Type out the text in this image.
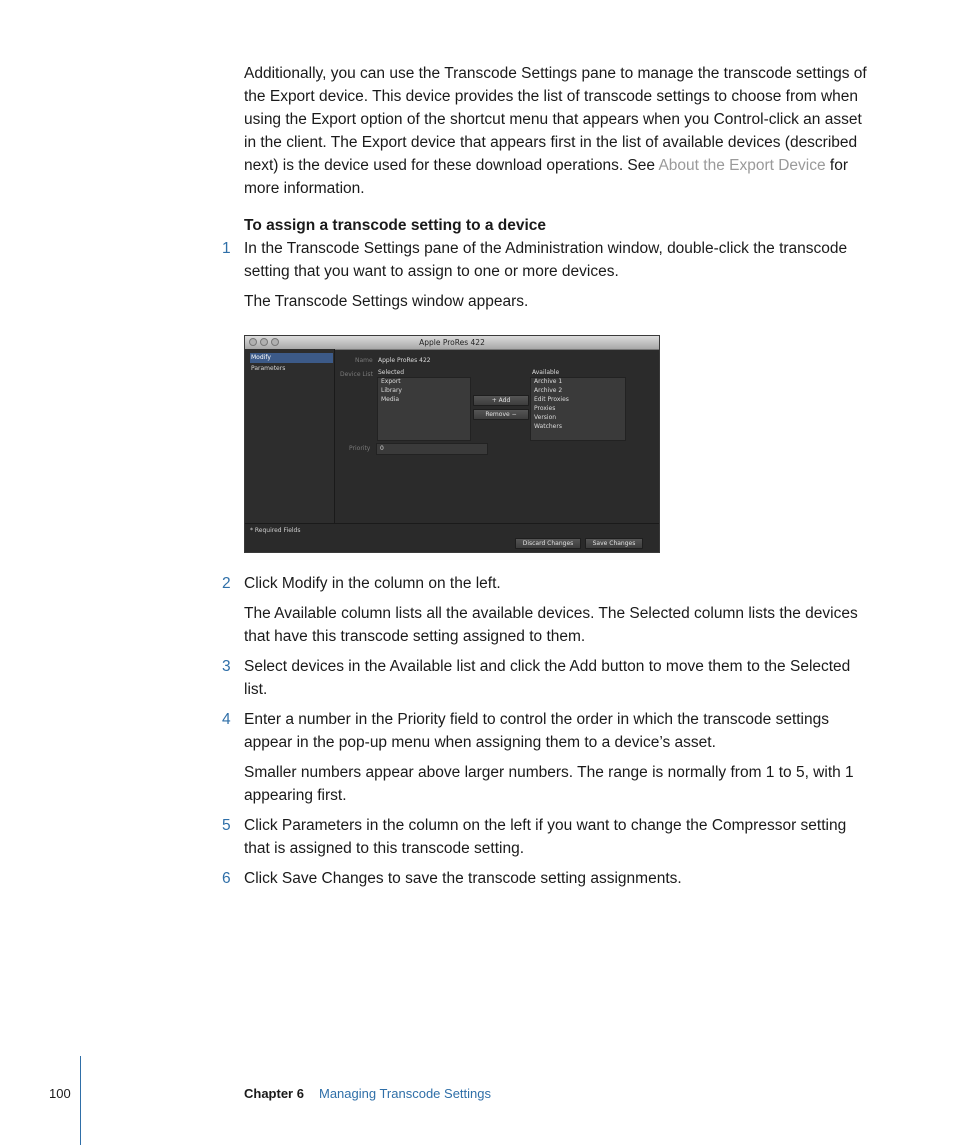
Additionally, you can use the Transcode Settings pane to manage the transcode settings of the Export device. This device provides the list of transcode settings to choose from when using the Export option of the shortcut menu that appears when you Control-click an asset in the client. The Export device that appears first in the list of available devices (described next) is the device used for these download operations. See About the Export Device for more information.

To assign a transcode setting to a device

1 In the Transcode Settings pane of the Administration window, double-click the transcode setting that you want to assign to one or more devices.

The Transcode Settings window appears.

Apple ProRes 422
Modify
Parameters
Name Apple ProRes 422
Device List Selected
Export
Library
Media	+ Add
Remove −
Available
Archive 1
Archive 2
Edit Proxies
Proxies
Version
Watchers
Priority	0
* Required Fields
Discard Changes	Save Changes
2 Click Modify in the column on the left.

The Available column lists all the available devices. The Selected column lists the devices that have this transcode setting assigned to them.

3 Select devices in the Available list and click the Add button to move them to the Selected list.

4 Enter a number in the Priority field to control the order in which the transcode settings appear in the pop-up menu when assigning them to a device’s asset.

Smaller numbers appear above larger numbers. The range is normally from 1 to 5, with 1 appearing first.

5 Click Parameters in the column on the left if you want to change the Compressor setting that is assigned to this transcode setting.

6 Click Save Changes to save the transcode setting assignments.

100	Chapter 6 Managing Transcode Settings
